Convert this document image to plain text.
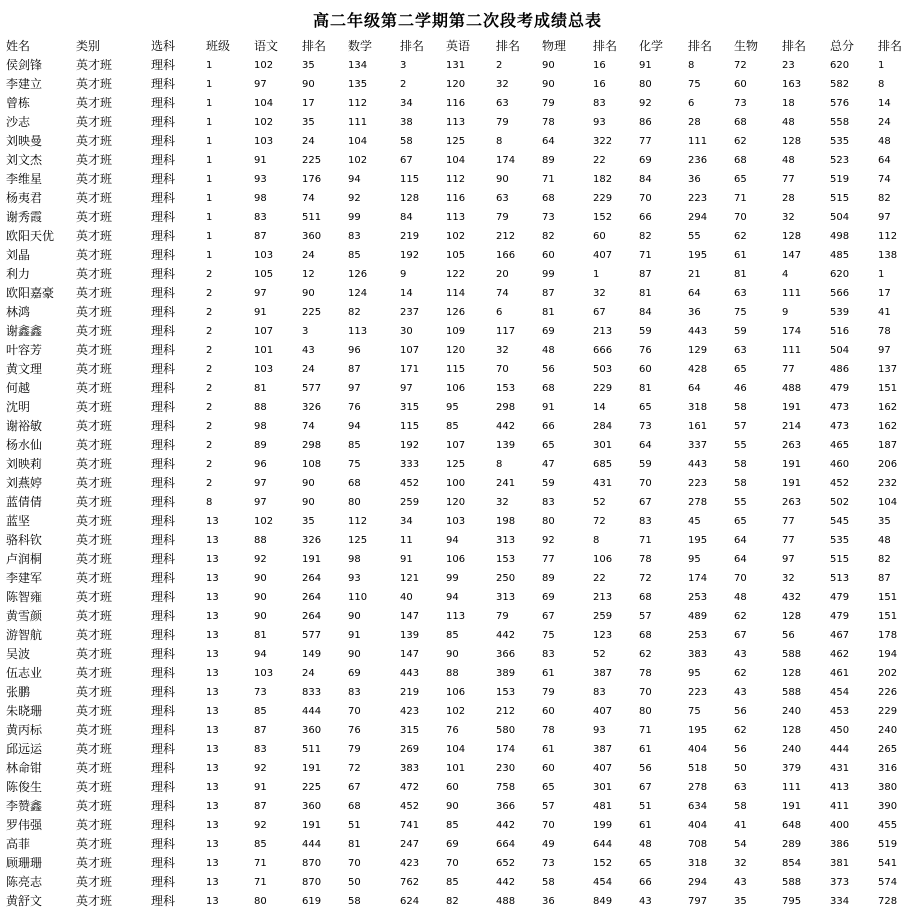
高二年级第二学期第二次段考成绩总表
姓名	类别	选科	班级	语文	排名	数学	排名	英语	排名	物理	排名	化学	排名	生物	排名	总分	排名
侯剑锋	英才班	理科	1	102	35	134	3	131	2	90	16	91	8	72	23	620	1
李建立	英才班	理科	1	97	90	135	2	120	32	90	16	80	75	60	163	582	8
曾栋	英才班	理科	1	104	17	112	34	116	63	79	83	92	6	73	18	576	14
沙志	英才班	理科	1	102	35	111	38	113	79	78	93	86	28	68	48	558	24
刘映曼	英才班	理科	1	103	24	104	58	125	8	64	322	77	111	62	128	535	48
刘文杰	英才班	理科	1	91	225	102	67	104	174	89	22	69	236	68	48	523	64
李维星	英才班	理科	1	93	176	94	115	112	90	71	182	84	36	65	77	519	74
杨夷君	英才班	理科	1	98	74	92	128	116	63	68	229	70	223	71	28	515	82
谢秀霞	英才班	理科	1	83	511	99	84	113	79	73	152	66	294	70	32	504	97
欧阳天优	英才班	理科	1	87	360	83	219	102	212	82	60	82	55	62	128	498	112
刘晶	英才班	理科	1	103	24	85	192	105	166	60	407	71	195	61	147	485	138
利力	英才班	理科	2	105	12	126	9	122	20	99	1	87	21	81	4	620	1
欧阳嘉豪	英才班	理科	2	97	90	124	14	114	74	87	32	81	64	63	111	566	17
林鸿	英才班	理科	2	91	225	82	237	126	6	81	67	84	36	75	9	539	41
谢鑫鑫	英才班	理科	2	107	3	113	30	109	117	69	213	59	443	59	174	516	78
叶容芳	英才班	理科	2	101	43	96	107	120	32	48	666	76	129	63	111	504	97
黄文理	英才班	理科	2	103	24	87	171	115	70	56	503	60	428	65	77	486	137
何越	英才班	理科	2	81	577	97	97	106	153	68	229	81	64	46	488	479	151
沈明	英才班	理科	2	88	326	76	315	95	298	91	14	65	318	58	191	473	162
谢裕敏	英才班	理科	2	98	74	94	115	85	442	66	284	73	161	57	214	473	162
杨水仙	英才班	理科	2	89	298	85	192	107	139	65	301	64	337	55	263	465	187
刘映莉	英才班	理科	2	96	108	75	333	125	8	47	685	59	443	58	191	460	206
刘燕婷	英才班	理科	2	97	90	68	452	100	241	59	431	70	223	58	191	452	232
蓝倩倩	英才班	理科	8	97	90	80	259	120	32	83	52	67	278	55	263	502	104
蓝坚	英才班	理科	13	102	35	112	34	103	198	80	72	83	45	65	77	545	35
骆科钦	英才班	理科	13	88	326	125	11	94	313	92	8	71	195	64	77	535	48
卢润桐	英才班	理科	13	92	191	98	91	106	153	77	106	78	95	64	97	515	82
李建军	英才班	理科	13	90	264	93	121	99	250	89	22	72	174	70	32	513	87
陈智雍	英才班	理科	13	90	264	110	40	94	313	69	213	68	253	48	432	479	151
黄雪颜	英才班	理科	13	90	264	90	147	113	79	67	259	57	489	62	128	479	151
游智航	英才班	理科	13	81	577	91	139	85	442	75	123	68	253	67	56	467	178
吴波	英才班	理科	13	94	149	90	147	90	366	83	52	62	383	43	588	462	194
伍志业	英才班	理科	13	103	24	69	443	88	389	61	387	78	95	62	128	461	202
张鹏	英才班	理科	13	73	833	83	219	106	153	79	83	70	223	43	588	454	226
朱晓珊	英才班	理科	13	85	444	70	423	102	212	60	407	80	75	56	240	453	229
黄丙标	英才班	理科	13	87	360	76	315	76	580	78	93	71	195	62	128	450	240
邱远运	英才班	理科	13	83	511	79	269	104	174	61	387	61	404	56	240	444	265
林命钳	英才班	理科	13	92	191	72	383	101	230	60	407	56	518	50	379	431	316
陈俊生	英才班	理科	13	91	225	67	472	60	758	65	301	67	278	63	111	413	380
李赞鑫	英才班	理科	13	87	360	68	452	90	366	57	481	51	634	58	191	411	390
罗伟强	英才班	理科	13	92	191	51	741	85	442	70	199	61	404	41	648	400	455
高菲	英才班	理科	13	85	444	81	247	69	664	49	644	48	708	54	289	386	519
顾珊珊	英才班	理科	13	71	870	70	423	70	652	73	152	65	318	32	854	381	541
陈亮志	英才班	理科	13	71	870	50	762	85	442	58	454	66	294	43	588	373	574
黄舒文	英才班	理科	13	80	619	58	624	82	488	36	849	43	797	35	795	334	728
